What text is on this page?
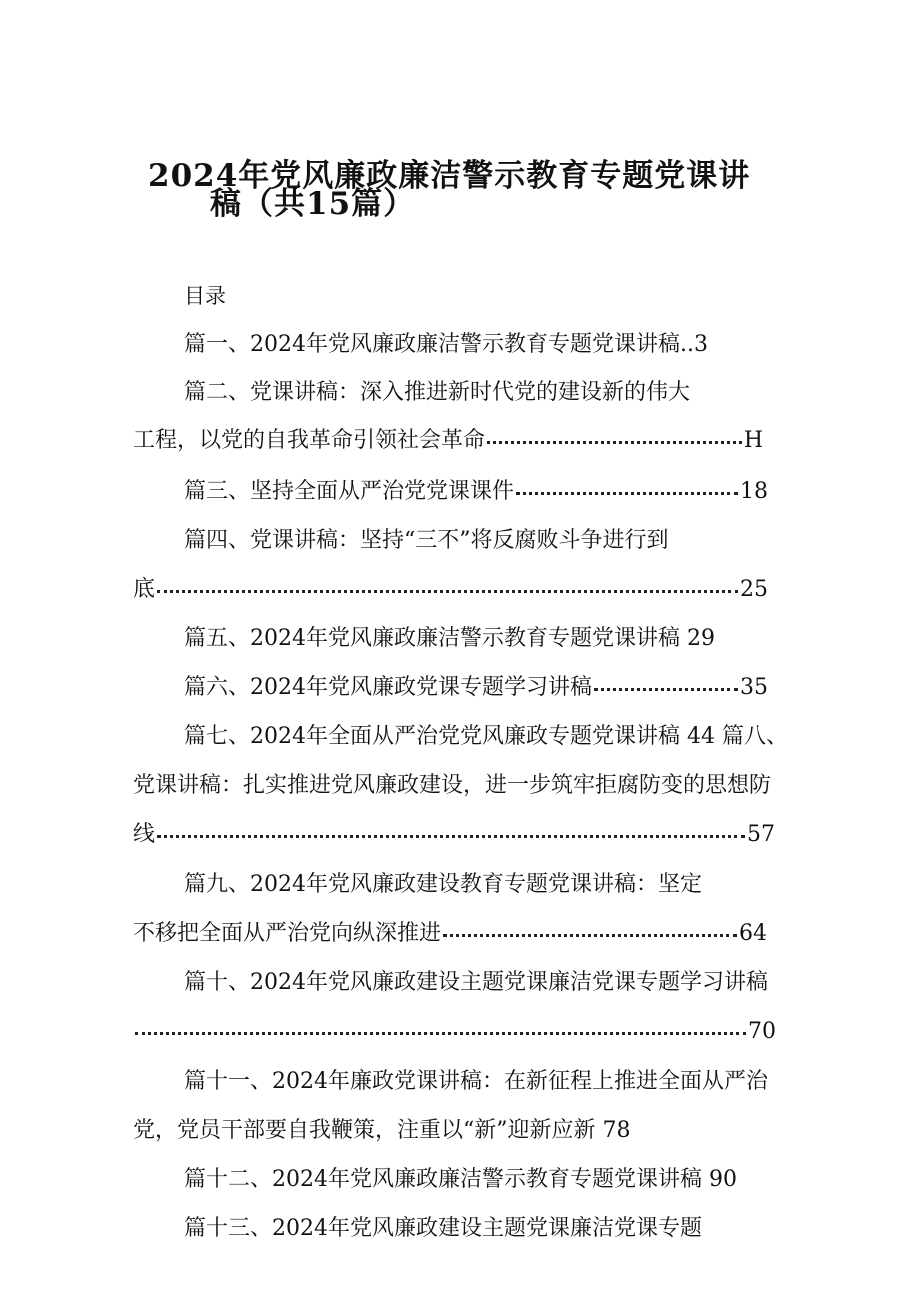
2024年党风廉政廉洁警示教育专题党课讲
稿（共15篇）
目录
篇一、2024年党风廉政廉洁警示教育专题党课讲稿..3
篇二、党课讲稿：深入推进新时代党的建设新的伟大
工程，以党的自我革命引领社会革命	H
篇三、坚持全面从严治党党课课件	18
篇四、党课讲稿：坚持“三不”将反腐败斗争进行到
底	25
篇五、2024年党风廉政廉洁警示教育专题党课讲稿 29
篇六、2024年党风廉政党课专题学习讲稿	35
篇七、2024年全面从严治党党风廉政专题党课讲稿 44 篇八、
党课讲稿：扎实推进党风廉政建设，进一步筑牢拒腐防变的思想防
线	57
篇九、2024年党风廉政建设教育专题党课讲稿：坚定
不移把全面从严治党向纵深推进	64
篇十、2024年党风廉政建设主题党课廉洁党课专题学习讲稿
70
篇十一、2024年廉政党课讲稿：在新征程上推进全面从严治
党，党员干部要自我鞭策，注重以“新”迎新应新 78
篇十二、2024年党风廉政廉洁警示教育专题党课讲稿 90
篇十三、2024年党风廉政建设主题党课廉洁党课专题
